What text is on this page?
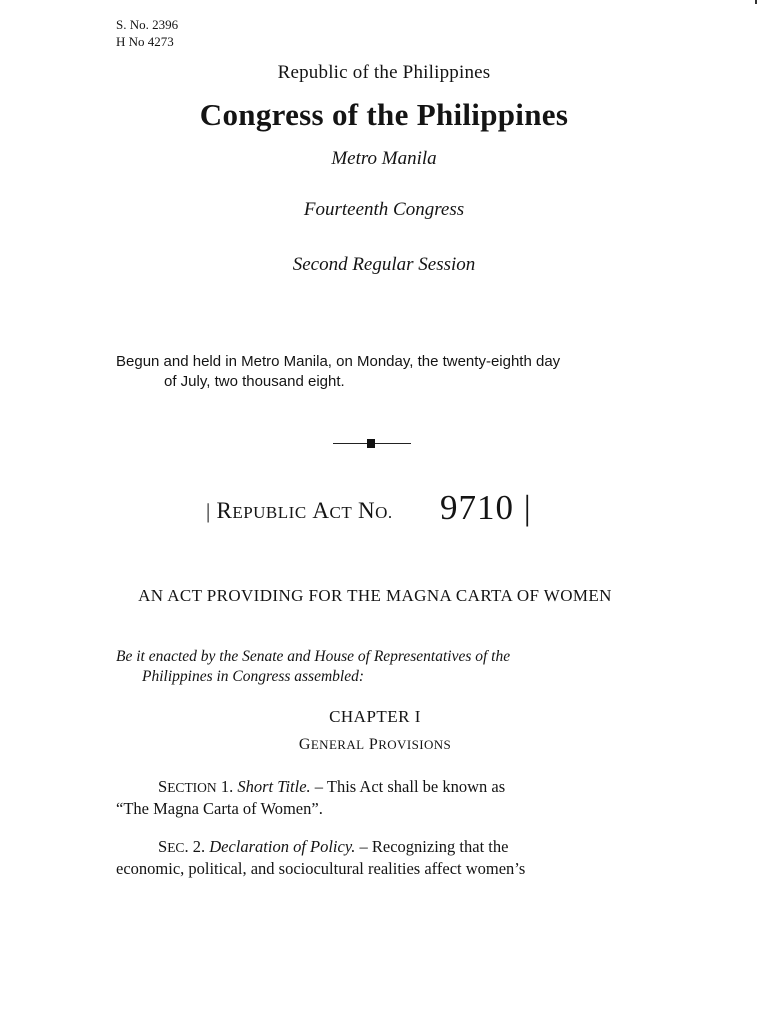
S. No. 2396
H No 4273
Republic of the Philippines
Congress of the Philippines
Metro Manila
Fourteenth Congress
Second Regular Session
Begun and held in Metro Manila, on Monday, the twenty-eighth day
of July, two thousand eight.
| REPUBLIC ACT NO. 9710 |
AN ACT PROVIDING FOR THE MAGNA CARTA OF WOMEN
Be it enacted by the Senate and House of Representatives of the
Philippines in Congress assembled:
CHAPTER I
GENERAL PROVISIONS
SECTION 1. Short Title. – This Act shall be known as
“The Magna Carta of Women”.
SEC. 2. Declaration of Policy. – Recognizing that the
economic, political, and sociocultural realities affect women’s
